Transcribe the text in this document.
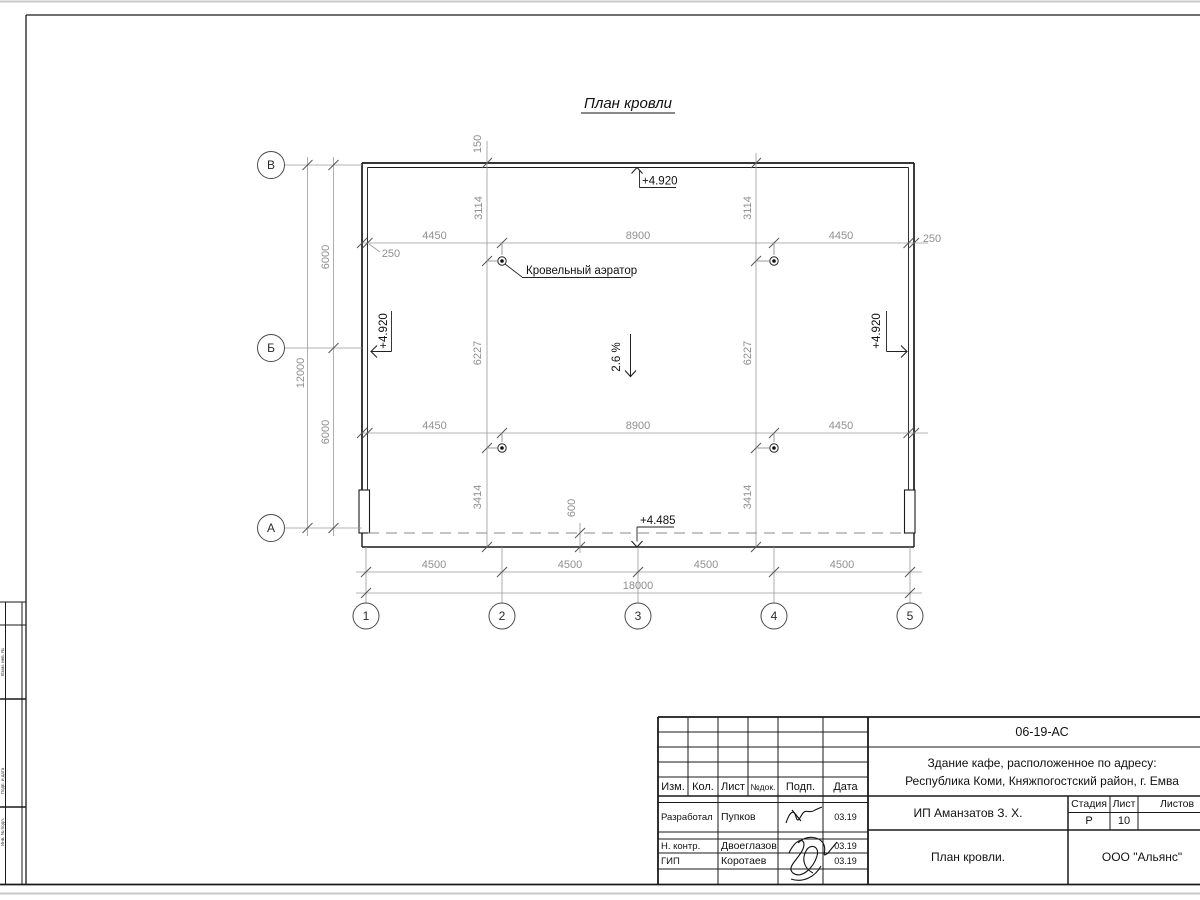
Взам. инв. №
Подп. и дата
Инв. № подл.
План кровли
Кровельный аэратор
2.6 %
+4.920
+4.485
+4.920	+4.920
4450	8900	4450
250
250
4450	8900	4450
4500	4500	4500	4500
18000
150
3114	3114
6227	6227
3414	3414
600
6000
12000
6000
В
Б
А
1	2	3	4	5
06-19-АС
Здание кафе, расположенное по адресу:
Республика Коми, Княжпогостский район, г. Емва
ИП Аманзатов З. Х.
Стадия Лист	Листов
Р	10
План кровли.	ООО "Альянс"
Изм. Кол. Лист №док. Подп.	Дата
Разработал Пупков	03.19
Н. контр.	Двоеглазов	03.19
ГИП	Коротаев	03.19
